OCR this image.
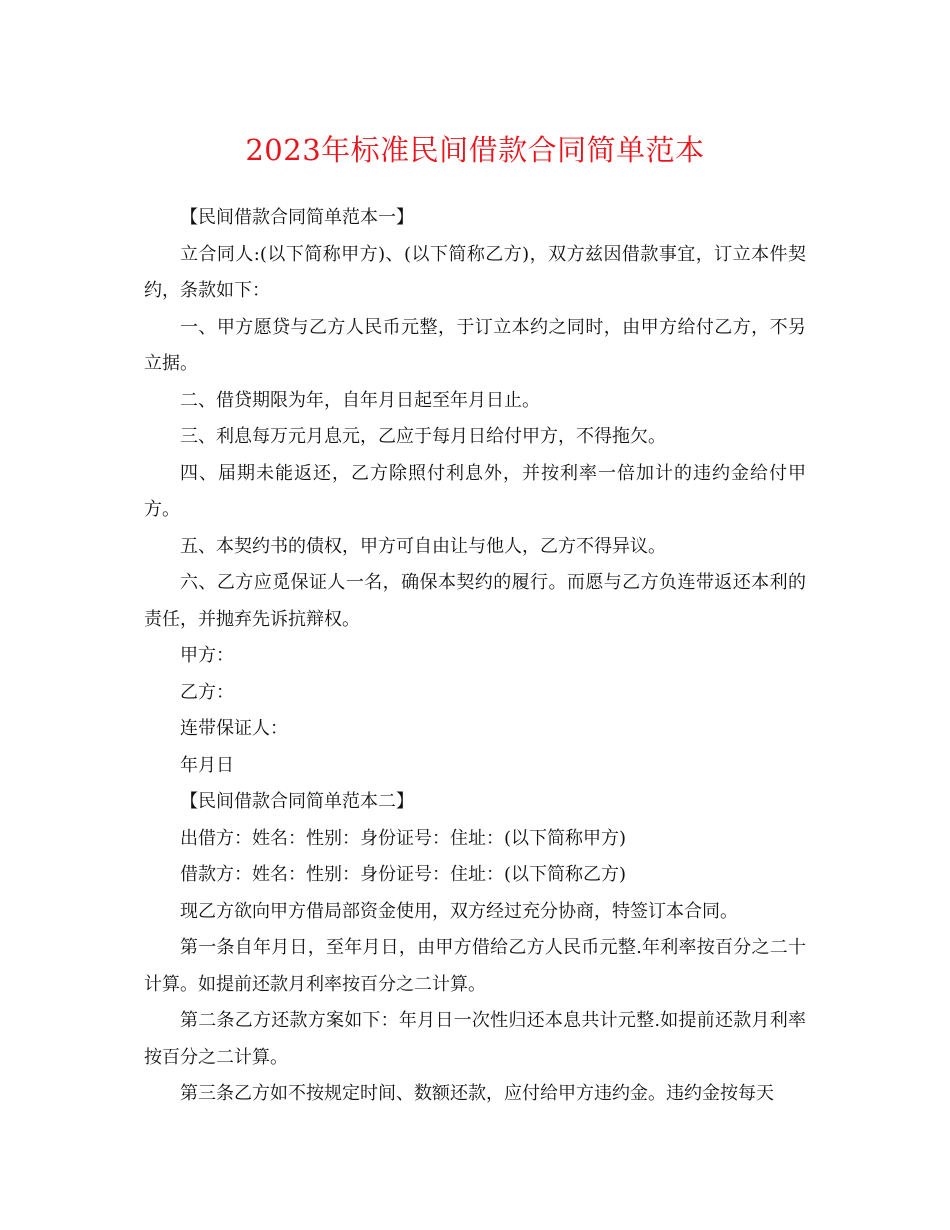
2023年标准民间借款合同简单范本

【民间借款合同简单范本一】

立合同人:(以下简称甲方)、(以下简称乙方)，双方兹因借款事宜，订立本件契约，条款如下：

一、甲方愿贷与乙方人民币元整，于订立本约之同时，由甲方给付乙方，不另立据。

二、借贷期限为年，自年月日起至年月日止。

三、利息每万元月息元，乙应于每月日给付甲方，不得拖欠。

四、届期未能返还，乙方除照付利息外，并按利率一倍加计的违约金给付甲方。

五、本契约书的债权，甲方可自由让与他人，乙方不得异议。

六、乙方应觅保证人一名，确保本契约的履行。而愿与乙方负连带返还本利的责任，并抛弃先诉抗辩权。

甲方：

乙方：

连带保证人：

年月日

【民间借款合同简单范本二】

出借方：姓名：性别：身份证号：住址：(以下简称甲方)

借款方：姓名：性别：身份证号：住址：(以下简称乙方)

现乙方欲向甲方借局部资金使用，双方经过充分协商，特签订本合同。

第一条自年月日，至年月日，由甲方借给乙方人民币元整.年利率按百分之二十计算。如提前还款月利率按百分之二计算。

第二条乙方还款方案如下：年月日一次性归还本息共计元整.如提前还款月利率按百分之二计算。

第三条乙方如不按规定时间、数额还款，应付给甲方违约金。违约金按每天
